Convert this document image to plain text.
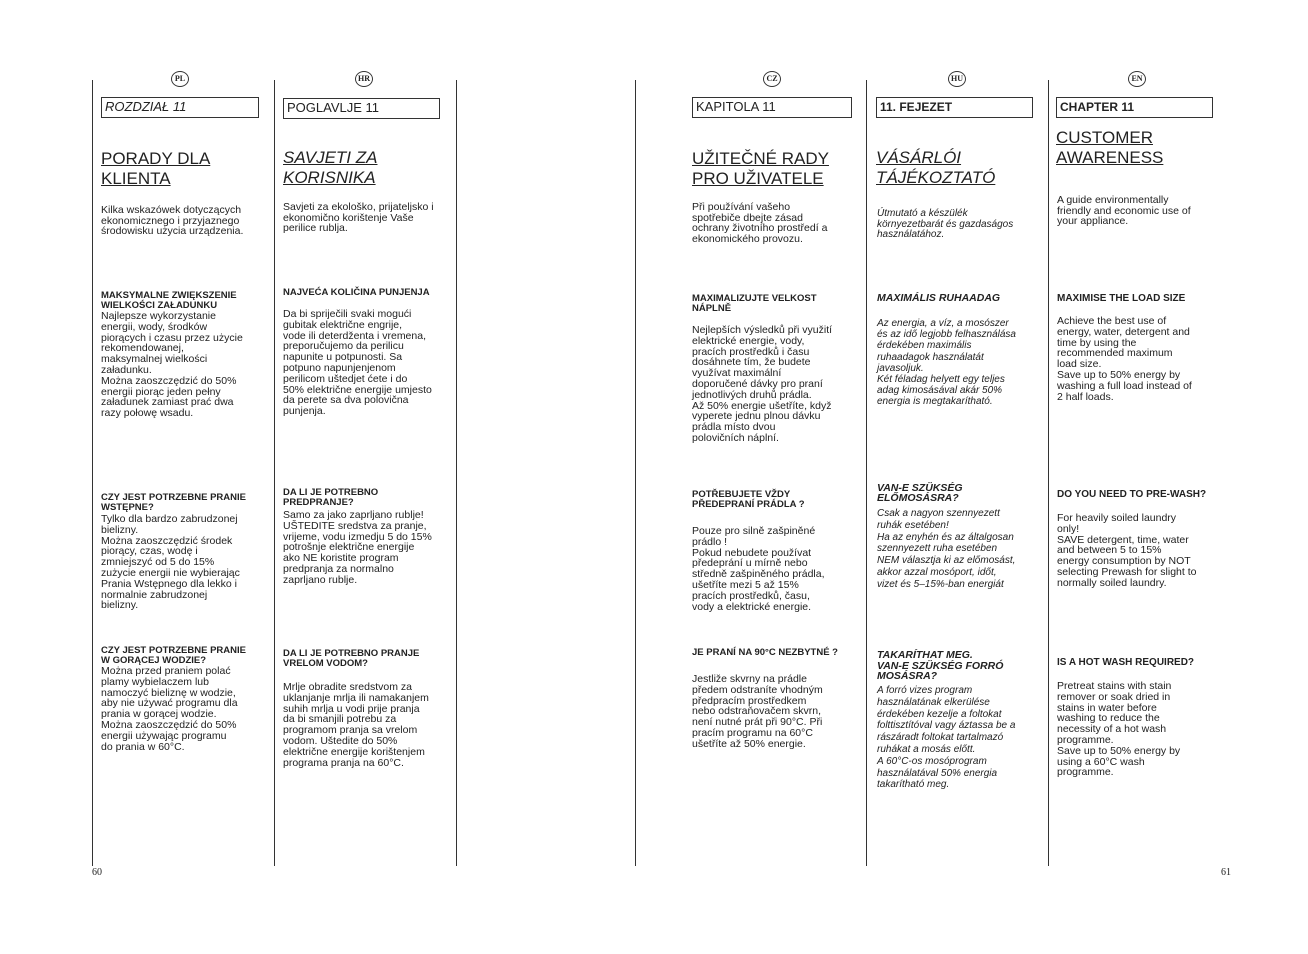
PL
ROZDZIAŁ 11
PORADY DLA
KLIENTA
Kilka wskazówek dotyczących
ekonomicznego i przyjaznego
środowisku użycia urządzenia.
MAKSYMALNE ZWIĘKSZENIE
WIELKOŚCI ZAŁADUNKU
Najlepsze wykorzystanie
energii, wody, środków
piorących i czasu przez użycie
rekomendowanej,
maksymalnej wielkości
załadunku.
Można zaoszczędzić do 50%
energii piorąc jeden pełny
załadunek zamiast prać dwa
razy połowę wsadu.
CZY JEST POTRZEBNE PRANIE
WSTĘPNE?
Tylko dla bardzo zabrudzonej
bielizny.
Można zaoszczędzić środek
piorący, czas, wodę i
zmniejszyć od 5 do 15%
zużycie energii nie wybierając
Prania Wstępnego dla lekko i
normalnie zabrudzonej
bielizny.
CZY JEST POTRZEBNE PRANIE
W GORĄCEJ WODZIE?
Można przed praniem polać
plamy wybielaczem lub
namoczyć bieliznę w wodzie,
aby nie używać programu dla
prania w gorącej wodzie.
Można zaoszczędzić do 50%
energii używając programu
do prania w 60°C.
HR
POGLAVLJE 11
SAVJETI ZA
KORISNIKA
Savjeti za ekološko, prijateljsko i
ekonomično korištenje Vaše
perilice rublja.
NAJVEĆA KOLIČINA PUNJENJA
Da bi spriječili svaki mogući
gubitak električne engrije,
vode ili deterdženta i vremena,
preporučujemo da perilicu
napunite u potpunosti. Sa
potpuno napunjenjenom
perilicom uštedjet ćete i do
50% električne energije umjesto
da perete sa dva polovična
punjenja.
DA LI JE POTREBNO
PREDPRANJE?
Samo za jako zaprljano rublje!
UŠTEDITE sredstva za pranje,
vrijeme, vodu izmedju 5 do 15%
potrošnje električne energije
ako NE koristite program
predpranja za normalno
zaprljano rublje.
DA LI JE POTREBNO PRANJE
VRELOM VODOM?
Mrlje obradite sredstvom za
uklanjanje mrlja ili namakanjem
suhih mrlja u vodi prije pranja
da bi smanjili potrebu za
programom pranja sa vrelom
vodom. Uštedite do 50%
električne energije korištenjem
programa pranja na 60°C.
CZ
KAPITOLA 11
UŽITEČNÉ RADY
PRO UŽIVATELE
Při používání vašeho
spotřebiče dbejte zásad
ochrany životního prostředí a
ekonomického provozu.
MAXIMALIZUJTE VELKOST
NÁPLNĚ
Nejlepších výsledků při využití
elektrické energie, vody,
pracích prostředků i času
dosáhnete tím, že budete
využívat maximální
doporučené dávky pro praní
jednotlivých druhů prádla.
Až 50% energie ušetříte, když
vyperete jednu plnou dávku
prádla místo dvou
polovičních náplní.
POTŘEBUJETE VŽDY
PŘEDEPRANÍ PRÁDLA ?
Pouze pro silně zašpiněné
prádlo !
Pokud nebudete používat
předeprání u mírně nebo
středně zašpiněného prádla,
ušetříte mezi 5 až 15%
pracích prostředků, času,
vody a elektrické energie.
JE PRANÍ NA 90°C NEZBYTNÉ ?
Jestliže skvrny na prádle
předem odstraníte vhodným
předpracím prostředkem
nebo odstraňovačem skvrn,
není nutné prát při 90°C. Při
pracím programu na 60°C
ušetříte až 50% energie.
HU
11. FEJEZET
VÁSÁRLÓI
TÁJÉKOZTATÓ
Útmutató a készülék
környezetbarát és gazdaságos
használatához.
MAXIMÁLIS RUHAADAG
Az energia, a víz, a mosószer
és az idő legjobb felhasználása
érdekében maximális
ruhaadagok használatát
javasoljuk.
Két féladag helyett egy teljes
adag kimosásával akár 50%
energia is megtakarítható.
VAN-E SZÜKSÉG
ELŐMOSÁSRA?
Csak a nagyon szennyezett
ruhák esetében!
Ha az enyhén és az általgosan
szennyezett ruha esetében
NEM választja ki az előmosást,
akkor azzal mosóport, időt,
vizet és 5–15%-ban energiát
TAKARÍTHAT MEG.
VAN-E SZÜKSÉG FORRÓ
MOSÁSRA?
A forró vizes program
használatának elkerülése
érdekében kezelje a foltokat
folttisztítóval vagy áztassa be a
rászáradt foltokat tartalmazó
ruhákat a mosás előtt.
A 60°C-os mosóprogram
használatával 50% energia
takarítható meg.
EN
CHAPTER 11
CUSTOMER
AWARENESS
A guide environmentally
friendly and economic use of
your appliance.
MAXIMISE THE LOAD SIZE
Achieve the best use of
energy, water, detergent and
time by using the
recommended maximum
load size.
Save up to 50% energy by
washing a full load instead of
2 half loads.
DO YOU NEED TO PRE-WASH?
For heavily soiled laundry
only!
SAVE detergent, time, water
and between 5 to 15%
energy consumption by NOT
selecting Prewash for slight to
normally soiled laundry.
IS A HOT WASH REQUIRED?
Pretreat stains with stain
remover or soak dried in
stains in water before
washing to reduce the
necessity of a hot wash
programme.
Save up to 50% energy by
using a 60°C wash
programme.
60	61
